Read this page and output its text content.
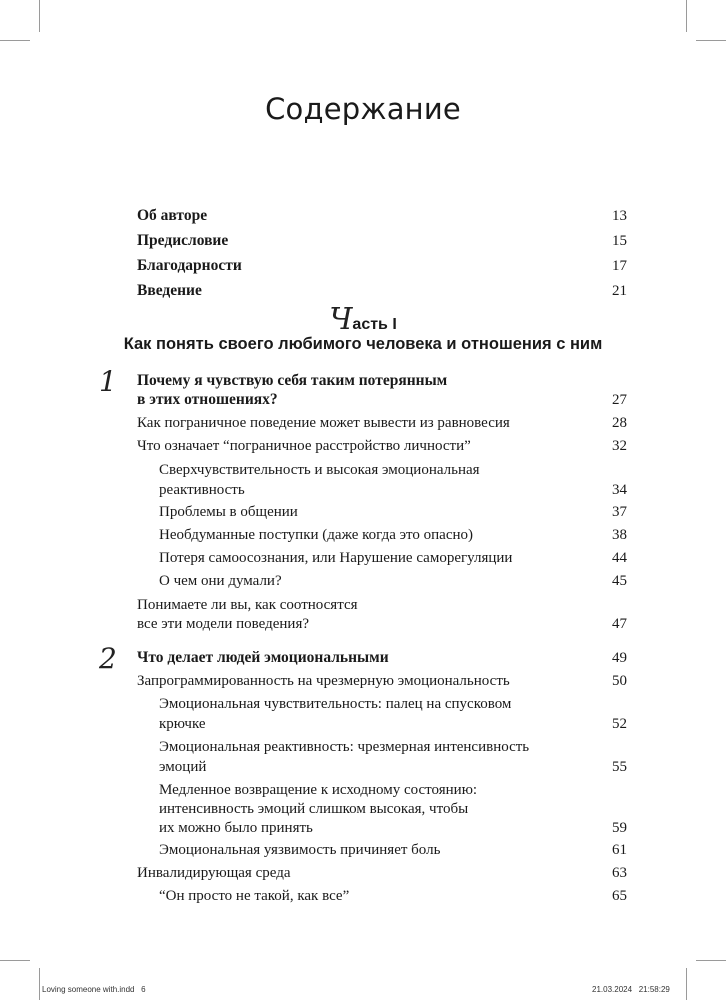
Содержание
Об авторе	13
Предисловие	15
Благодарности	17
Введение	21
Часть I
Как понять своего любимого человека и отношения с ним
1 Почему я чувствую себя таким потерянным
в этих отношениях?	27
Как пограничное поведение может вывести из равновесия	28
Что означает “пограничное расстройство личности”	32
Сверхчувствительность и высокая эмоциональная
реактивность	34
Проблемы в общении	37
Необдуманные поступки (даже когда это опасно)	38
Потеря самоосознания, или Нарушение саморегуляции	44
О чем они думали?	45
Понимаете ли вы, как соотносятся
все эти модели поведения?	47
2 Что делает людей эмоциональными	49
Запрограммированность на чрезмерную эмоциональность	50
Эмоциональная чувствительность: палец на спусковом
крючке	52
Эмоциональная реактивность: чрезмерная интенсивность
эмоций	55
Медленное возвращение к исходному состоянию:
интенсивность эмоций слишком высокая, чтобы
их можно было принять	59
Эмоциональная уязвимость причиняет боль	61
Инвалидирующая среда	63
“Он просто не такой, как все”	65
Loving someone with.indd   6	21.03.2024   21:58:29
